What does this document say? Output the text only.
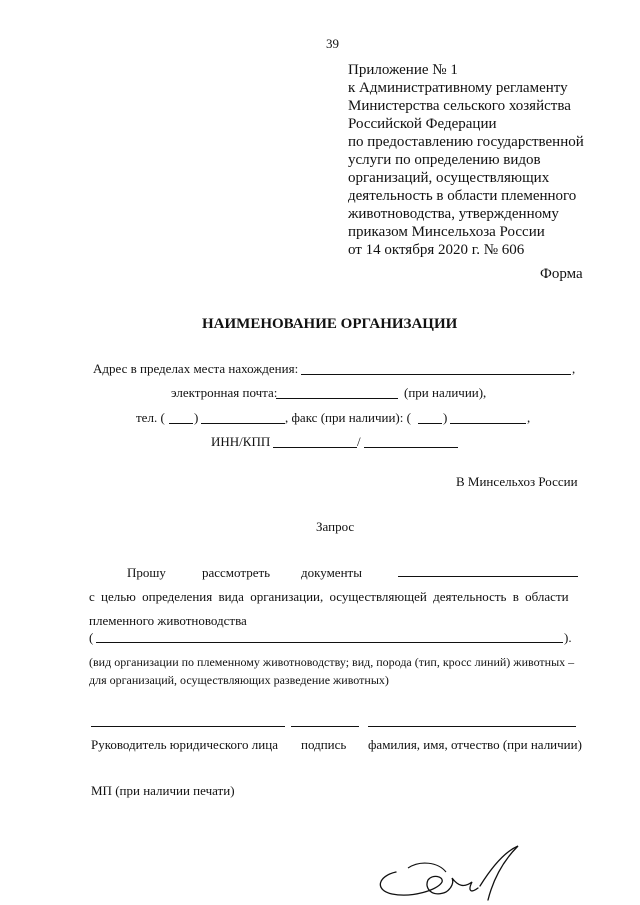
39
Приложение № 1
к Административному регламенту
Министерства сельского хозяйства
Российской Федерации
по предоставлению государственной
услуги по определению видов
организаций, осуществляющих
деятельность в области племенного
животноводства, утвержденному
приказом Минсельхоза России
от 14 октября 2020 г. № 606
Форма
НАИМЕНОВАНИЕ ОРГАНИЗАЦИИ
Адрес в пределах места нахождения:	,
электронная почта:	(при наличии),
тел. ( )	, факс (при наличии): ( )	,
ИНН/КПП	/
В Минсельхоз России
Запрос
Прошу	рассмотреть документы
с целью определения вида организации, осуществляющей деятельность в области
племенного животноводства
(	).
(вид организации по племенному животноводству; вид, порода (тип, кросс линий) животных –
для организаций, осуществляющих разведение животных)
Руководитель юридического лица подпись фамилия, имя, отчество (при наличии)
МП (при наличии печати)
